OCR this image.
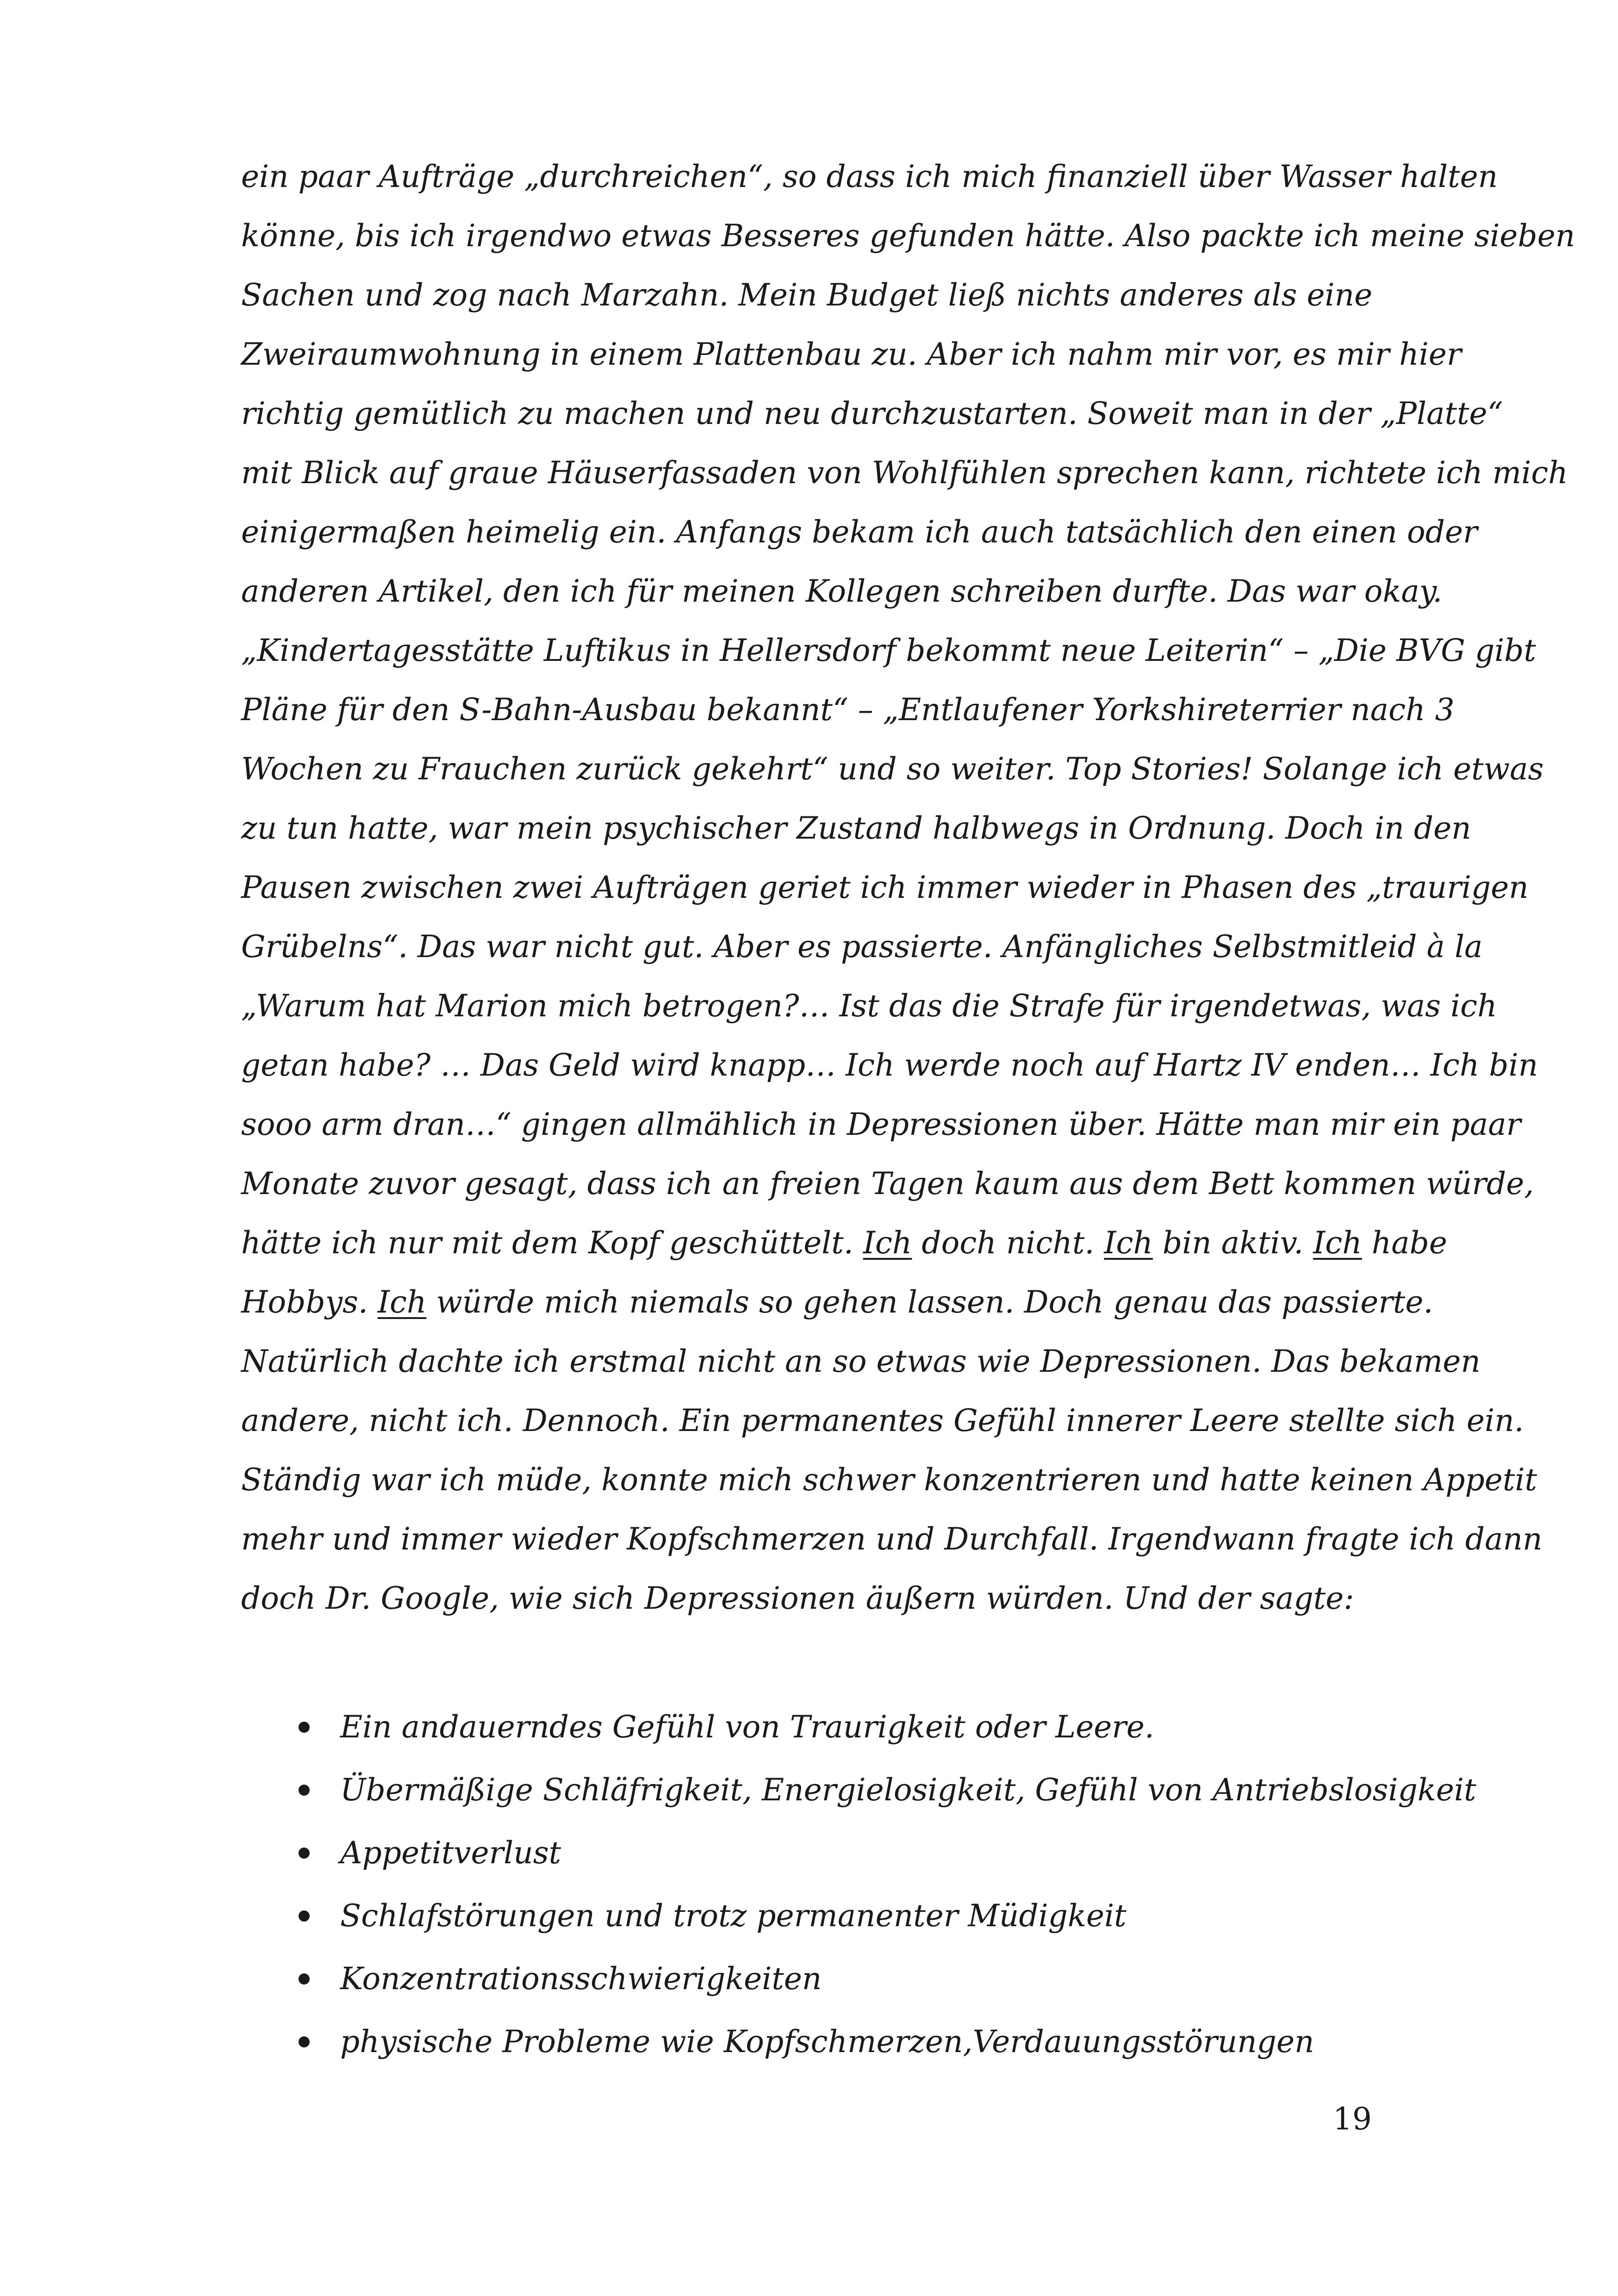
ein paar Aufträge „durchreichen“, so dass ich mich finanziell über Wasser halten
könne, bis ich irgendwo etwas Besseres gefunden hätte. Also packte ich meine sieben
Sachen und zog nach Marzahn. Mein Budget ließ nichts anderes als eine
Zweiraumwohnung in einem Plattenbau zu. Aber ich nahm mir vor, es mir hier
richtig gemütlich zu machen und neu durchzustarten. Soweit man in der „Platte“
mit Blick auf graue Häuserfassaden von Wohlfühlen sprechen kann, richtete ich mich
einigermaßen heimelig ein. Anfangs bekam ich auch tatsächlich den einen oder
anderen Artikel, den ich für meinen Kollegen schreiben durfte. Das war okay.
„Kindertagesstätte Luftikus in Hellersdorf bekommt neue Leiterin“ – „Die BVG gibt
Pläne für den S-Bahn-Ausbau bekannt“ – „Entlaufener Yorkshireterrier nach 3
Wochen zu Frauchen zurück gekehrt“ und so weiter. Top Stories! Solange ich etwas
zu tun hatte, war mein psychischer Zustand halbwegs in Ordnung. Doch in den
Pausen zwischen zwei Aufträgen geriet ich immer wieder in Phasen des „traurigen
Grübelns“. Das war nicht gut. Aber es passierte. Anfängliches Selbstmitleid à la
„Warum hat Marion mich betrogen?… Ist das die Strafe für irgendetwas, was ich
getan habe? … Das Geld wird knapp… Ich werde noch auf Hartz IV enden… Ich bin
sooo arm dran…“ gingen allmählich in Depressionen über. Hätte man mir ein paar
Monate zuvor gesagt, dass ich an freien Tagen kaum aus dem Bett kommen würde,
hätte ich nur mit dem Kopf geschüttelt. Ich doch nicht. Ich bin aktiv. Ich habe
Hobbys. Ich würde mich niemals so gehen lassen. Doch genau das passierte.
Natürlich dachte ich erstmal nicht an so etwas wie Depressionen. Das bekamen
andere, nicht ich. Dennoch. Ein permanentes Gefühl innerer Leere stellte sich ein.
Ständig war ich müde, konnte mich schwer konzentrieren und hatte keinen Appetit
mehr und immer wieder Kopfschmerzen und Durchfall. Irgendwann fragte ich dann
doch Dr. Google, wie sich Depressionen äußern würden. Und der sagte:
Ein andauerndes Gefühl von Traurigkeit oder Leere.
Übermäßige Schläfrigkeit, Energielosigkeit, Gefühl von Antriebslosigkeit
Appetitverlust
Schlafstörungen und trotz permanenter Müdigkeit
Konzentrationsschwierigkeiten
physische Probleme wie Kopfschmerzen,Verdauungsstörungen
19
